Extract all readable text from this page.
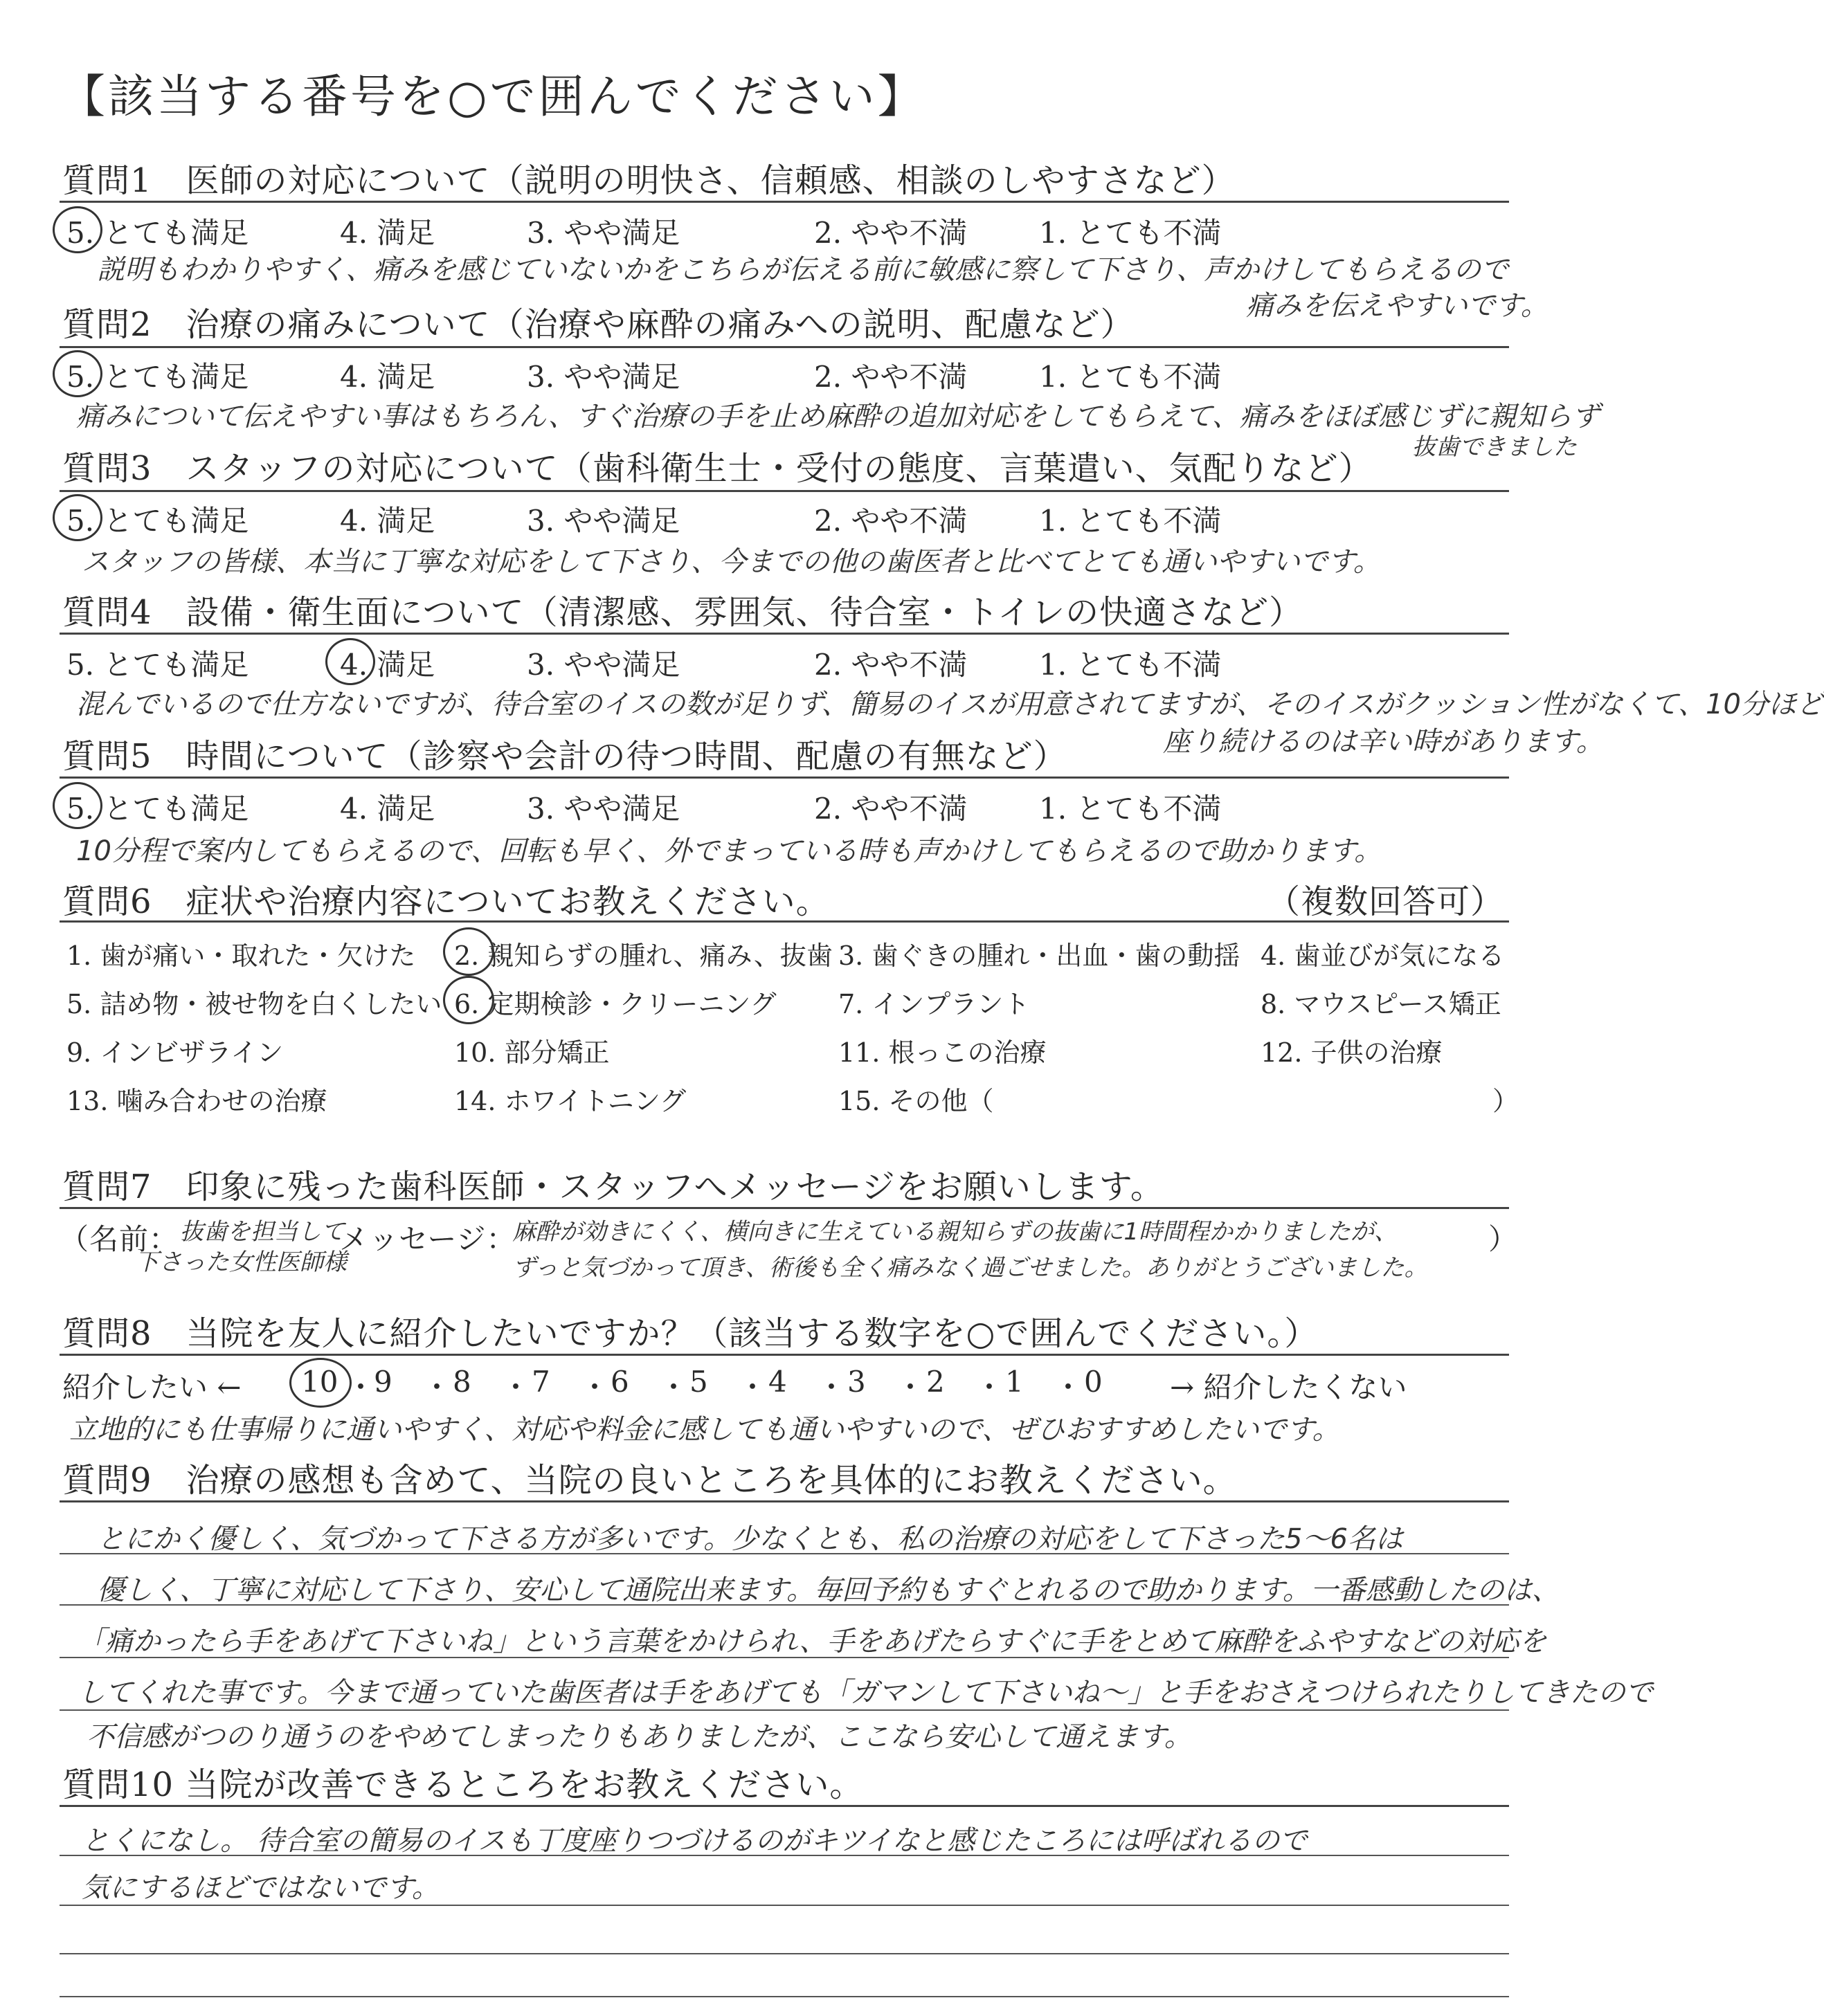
【該当する番号を○で囲んでください】
質問1　医師の対応について（説明の明快さ、信頼感、相談のしやすさなど）
5. とても満足	4. 満足	3. やや満足	2. やや不満 1. とても不満
説明もわかりやすく、痛みを感じていないかをこちらが伝える前に敏感に察して下さり、声かけしてもらえるので
痛みを伝えやすいです。
質問2　治療の痛みについて（治療や麻酔の痛みへの説明、配慮など）
5. とても満足	4. 満足	3. やや満足	2. やや不満 1. とても不満
痛みについて伝えやすい事はもちろん、すぐ治療の手を止め麻酔の追加対応をしてもらえて、痛みをほぼ感じずに親知らず
抜歯できました
質問3　スタッフの対応について（歯科衛生士・受付の態度、言葉遣い、気配りなど）
5. とても満足	4. 満足	3. やや満足	2. やや不満 1. とても不満
スタッフの皆様、本当に丁寧な対応をして下さり、今までの他の歯医者と比べてとても通いやすいです。
質問4　設備・衛生面について（清潔感、雰囲気、待合室・トイレの快適さなど）
5. とても満足	4. 満足	3. やや満足	2. やや不満 1. とても不満
混んでいるので仕方ないですが、待合室のイスの数が足りず、簡易のイスが用意されてますが、そのイスがクッション性がなくて、10分ほど
座り続けるのは辛い時があります。
質問5　時間について（診察や会計の待つ時間、配慮の有無など）
5. とても満足	4. 満足	3. やや満足	2. やや不満 1. とても不満
10分程で案内してもらえるので、回転も早く、外でまっている時も声かけしてもらえるので助かります。
質問6　症状や治療内容についてお教えください。	（複数回答可）
1. 歯が痛い・取れた・欠けた 2. 親知らずの腫れ、痛み、抜歯 3. 歯ぐきの腫れ・出血・歯の動揺 4. 歯並びが気になる
5. 詰め物・被せ物を白くしたい 6. 定期検診・クリーニング 7. インプラント	8. マウスピース矯正
9. インビザライン	10. 部分矯正	11. 根っこの治療	12. 子供の治療
13. 噛み合わせの治療	14. ホワイトニング	15. その他（	）
質問7　印象に残った歯科医師・スタッフへメッセージをお願いします。
（名前： 抜歯を担当して
下さった女性医師様
メッセージ：
麻酔が効きにくく、横向きに生えている親知らずの抜歯に1時間程かかりましたが、
ずっと気づかって頂き、術後も全く痛みなく過ごせました。ありがとうございました。
）
質問8　当院を友人に紹介したいですか？（該当する数字を○で囲んでください。）
紹介したい ← 10 9 8 7 6 5 4 3 2 1 0 → 紹介したくない
・ ・ ・ ・ ・ ・ ・ ・ ・ ・
立地的にも仕事帰りに通いやすく、対応や料金に感しても通いやすいので、ぜひおすすめしたいです。
質問9　治療の感想も含めて、当院の良いところを具体的にお教えください。
とにかく優しく、気づかって下さる方が多いです。少なくとも、私の治療の対応をして下さった5～6名は
優しく、丁寧に対応して下さり、安心して通院出来ます。毎回予約もすぐとれるので助かります。一番感動したのは、
「痛かったら手をあげて下さいね」という言葉をかけられ、手をあげたらすぐに手をとめて麻酔をふやすなどの対応を
してくれた事です。今まで通っていた歯医者は手をあげても「ガマンして下さいね～」と手をおさえつけられたりしてきたので
不信感がつのり通うのをやめてしまったりもありましたが、ここなら安心して通えます。
質問10 当院が改善できるところをお教えください。
とくになし。 待合室の簡易のイスも丁度座りつづけるのがキツイなと感じたころには呼ばれるので
気にするほどではないです。
